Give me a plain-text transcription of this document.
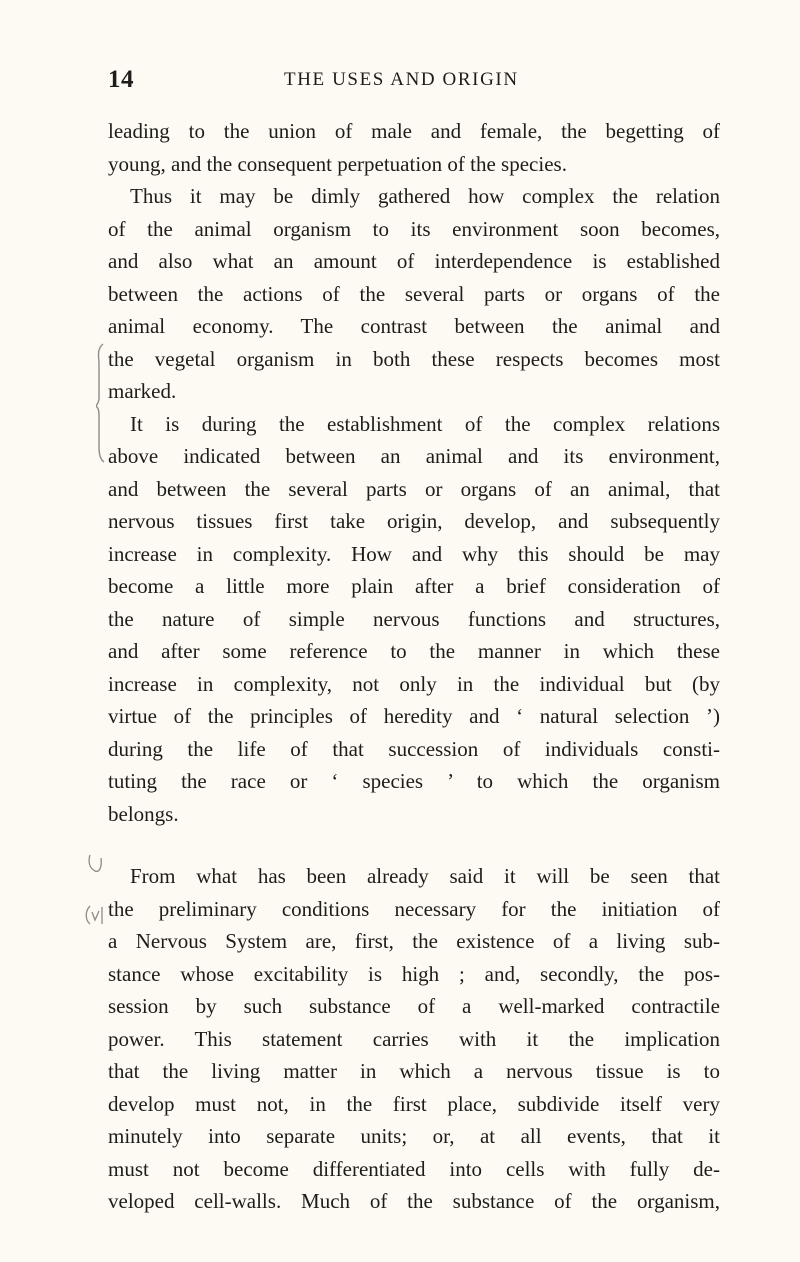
14	THE USES AND ORIGIN
leading to the union of male and female, the begetting of
young, and the consequent perpetuation of the species.
Thus it may be dimly gathered how complex the relation
of the animal organism to its environment soon becomes,
and also what an amount of interdependence is established
between the actions of the several parts or organs of the
animal economy. The contrast between the animal and
the vegetal organism in both these respects becomes most
marked.
It is during the establishment of the complex relations
above indicated between an animal and its environment,
and between the several parts or organs of an animal, that
nervous tissues first take origin, develop, and subsequently
increase in complexity. How and why this should be may
become a little more plain after a brief consideration of
the nature of simple nervous functions and structures,
and after some reference to the manner in which these
increase in complexity, not only in the individual but (by
virtue of the principles of heredity and ‘ natural selection ’)
during the life of that succession of individuals consti-
tuting the race or ‘ species ’ to which the organism
belongs.
From what has been already said it will be seen that
the preliminary conditions necessary for the initiation of
a Nervous System are, first, the existence of a living sub-
stance whose excitability is high ; and, secondly, the pos-
session by such substance of a well-marked contractile
power. This statement carries with it the implication
that the living matter in which a nervous tissue is to
develop must not, in the first place, subdivide itself very
minutely into separate units; or, at all events, that it
must not become differentiated into cells with fully de-
veloped cell-walls. Much of the substance of the organism,
